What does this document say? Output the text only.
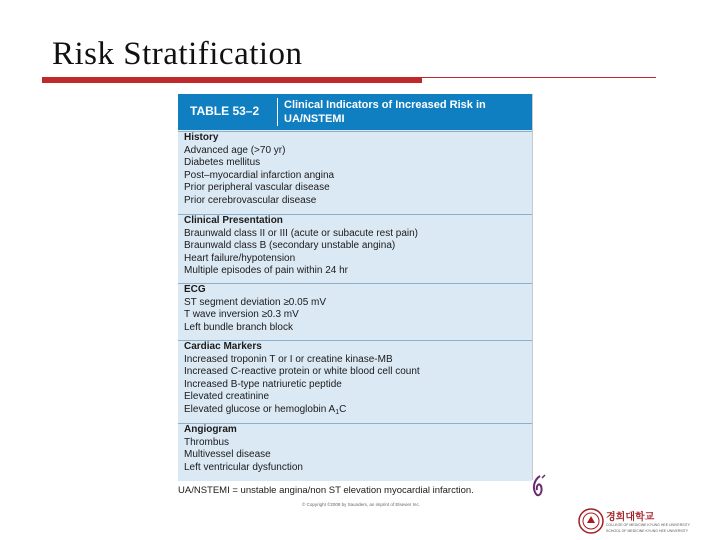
Risk Stratification
TABLE 53–2 Clinical Indicators of Increased Risk in UA/NSTEMI
History
Advanced age (>70 yr)
Diabetes mellitus
Post–myocardial infarction angina
Prior peripheral vascular disease
Prior cerebrovascular disease
Clinical Presentation
Braunwald class II or III (acute or subacute rest pain)
Braunwald class B (secondary unstable angina)
Heart failure/hypotension
Multiple episodes of pain within 24 hr
ECG
ST segment deviation ≥0.05 mV
T wave inversion ≥0.3 mV
Left bundle branch block
Cardiac Markers
Increased troponin T or I or creatine kinase-MB
Increased C-reactive protein or white blood cell count
Increased B-type natriuretic peptide
Elevated creatinine
Elevated glucose or hemoglobin $A_1C$
Angiogram
Thrombus
Multivessel disease
Left ventricular dysfunction
UA/NSTEMI = unstable angina/non ST elevation myocardial infarction.
© Copyright ©2008 by Saunders, an imprint of Elsevier Inc.
경희대학교
COLLEGE OF MEDICINE KYUNG HEE UNIVERSITY
SCHOOL OF MEDICINE KYUNG HEE UNIVERSITY
